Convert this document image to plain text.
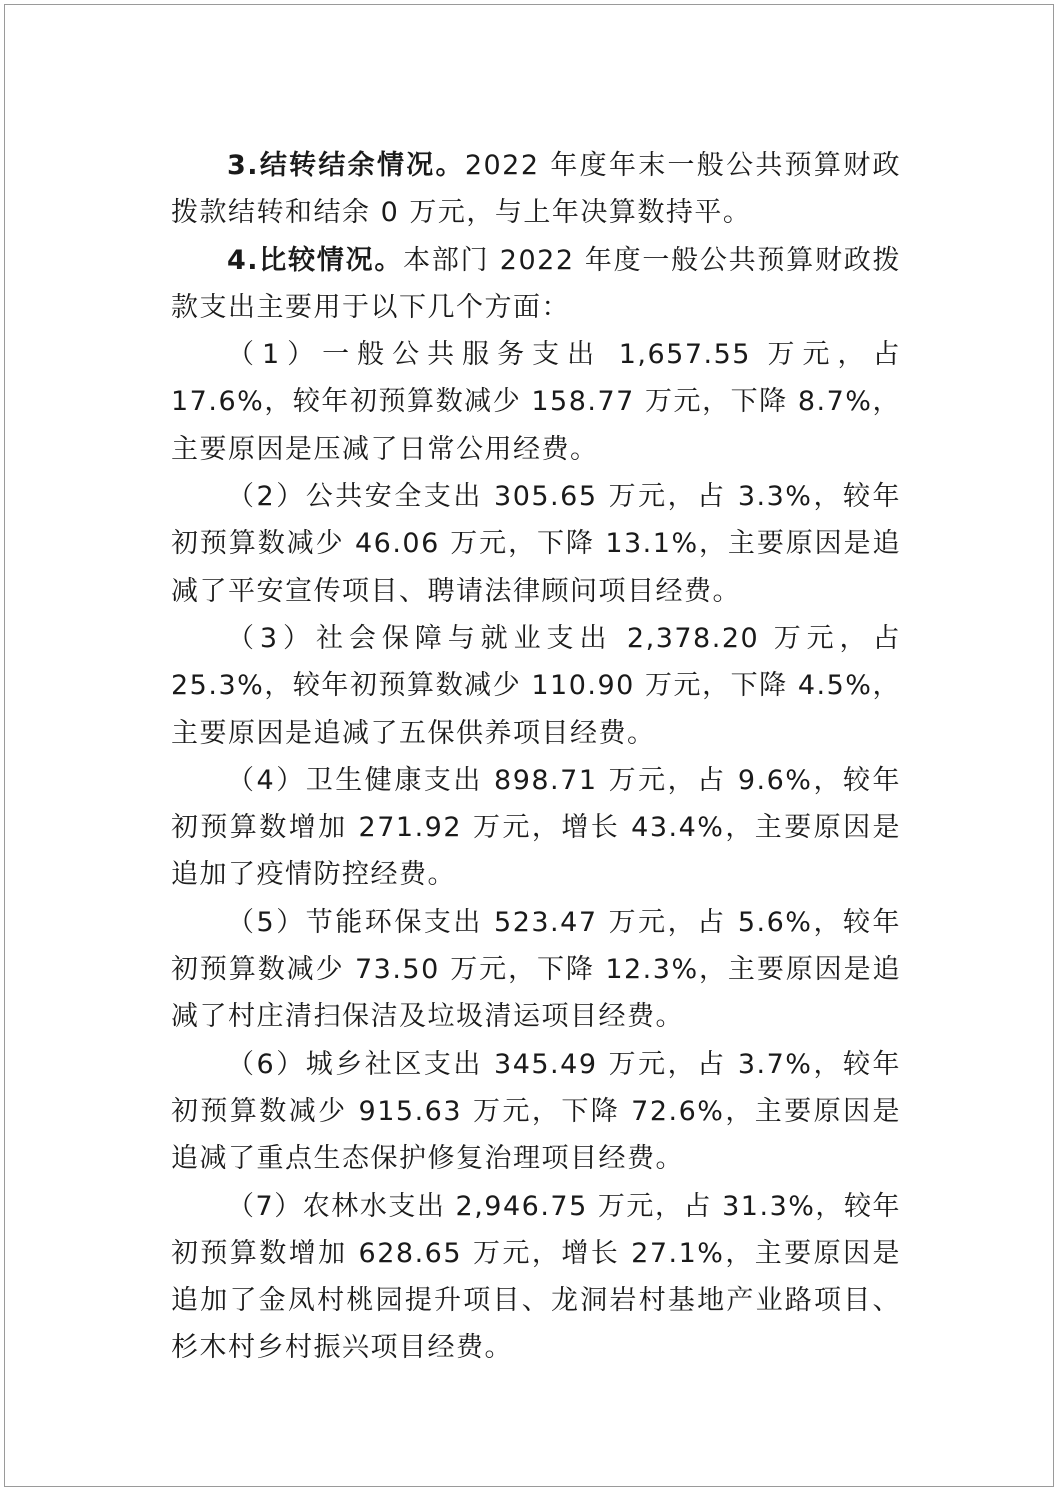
3.结转结余情况。2022 年度年末一般公共预算财政拨款结转和结余 0 万元，与上年决算数持平。

4.比较情况。本部门 2022 年度一般公共预算财政拨款支出主要用于以下几个方面：

（1）一般公共服务支出 1,657.55 万元，占 17.6%，较年初预算数减少 158.77 万元，下降 8.7%，主要原因是压减了日常公用经费。

（2）公共安全支出 305.65 万元，占 3.3%，较年初预算数减少 46.06 万元，下降 13.1%，主要原因是追减了平安宣传项目、聘请法律顾问项目经费。

（3）社会保障与就业支出 2,378.20 万元，占 25.3%，较年初预算数减少 110.90 万元，下降 4.5%，主要原因是追减了五保供养项目经费。

（4）卫生健康支出 898.71 万元，占 9.6%，较年初预算数增加 271.92 万元，增长 43.4%，主要原因是追加了疫情防控经费。

（5）节能环保支出 523.47 万元，占 5.6%，较年初预算数减少 73.50 万元，下降 12.3%，主要原因是追减了村庄清扫保洁及垃圾清运项目经费。

（6）城乡社区支出 345.49 万元，占 3.7%，较年初预算数减少 915.63 万元，下降 72.6%，主要原因是追减了重点生态保护修复治理项目经费。

（7）农林水支出 2,946.75 万元，占 31.3%，较年初预算数增加 628.65 万元，增长 27.1%，主要原因是追加了金凤村桃园提升项目、龙洞岩村基地产业路项目、杉木村乡村振兴项目经费。
